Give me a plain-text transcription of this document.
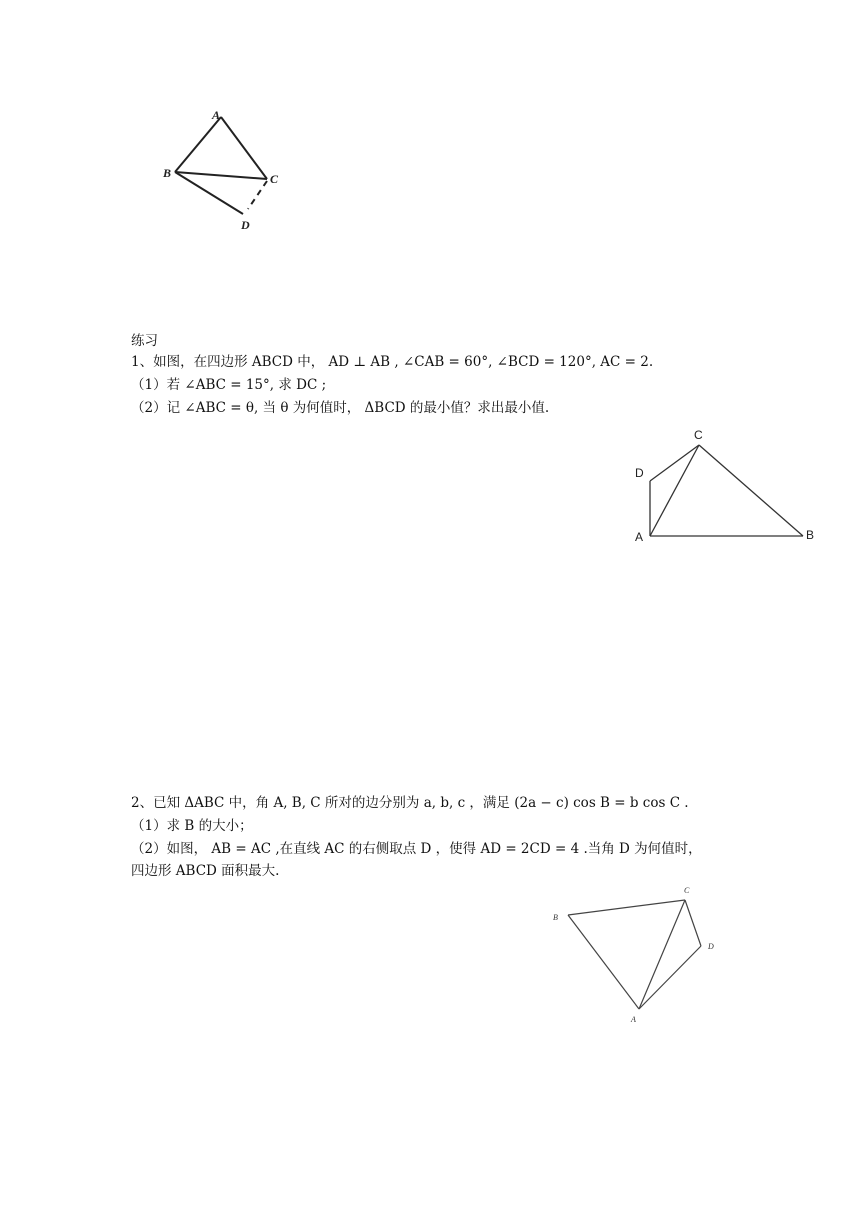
A
B	C
D
练习
1、如图，在四边形 ABCD 中， AD ⊥ AB , ∠CAB = 60°, ∠BCD = 120°, AC = 2.
（1）若 ∠ABC = 15°, 求 DC ;
（2）记 ∠ABC = θ, 当 θ 为何值时， ΔBCD 的最小值？求出最小值.
A	B
C
D
2、已知 ΔABC 中，角 A, B, C 所对的边分别为 a, b, c ，满足 (2a − c) cos B = b cos C .
（1）求 B 的大小；
（2）如图， AB = AC ,在直线 AC 的右侧取点 D ，使得 AD = 2CD = 4 .当角 D 为何值时，
四边形 ABCD 面积最大.
B
C
D
A
